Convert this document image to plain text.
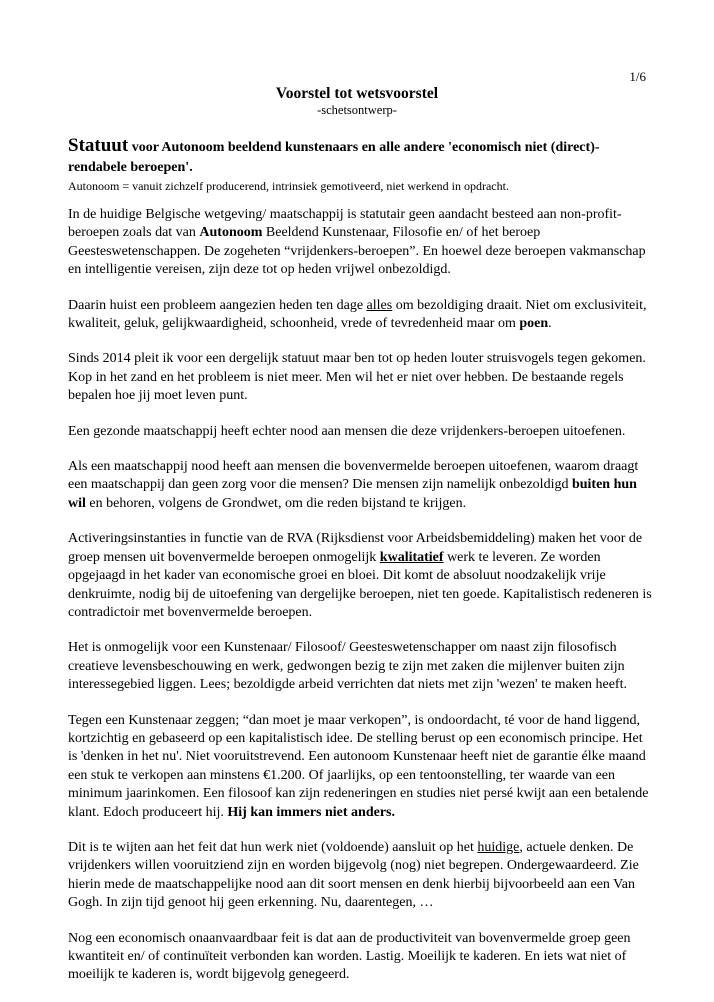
1/6
Voorstel tot wetsvoorstel
-schetsontwerp-

Statuut voor Autonoom beeldend kunstenaars en alle andere 'economisch niet (direct)-rendabele beroepen'.

Autonoom = vanuit zichzelf producerend, intrinsiek gemotiveerd, niet werkend in opdracht.

In de huidige Belgische wetgeving/ maatschappij is statutair geen aandacht besteed aan non-profit-beroepen zoals dat van Autonoom Beeldend Kunstenaar, Filosofie en/ of het beroep Geesteswetenschappen. De zogeheten “vrijdenkers-beroepen”. En hoewel deze beroepen vakmanschap en intelligentie vereisen, zijn deze tot op heden vrijwel onbezoldigd.

Daarin huist een probleem aangezien heden ten dage alles om bezoldiging draait. Niet om exclusiviteit, kwaliteit, geluk, gelijkwaardigheid, schoonheid, vrede of tevredenheid maar om poen.

Sinds 2014 pleit ik voor een dergelijk statuut maar ben tot op heden louter struisvogels tegen gekomen. Kop in het zand en het probleem is niet meer. Men wil het er niet over hebben. De bestaande regels bepalen hoe jij moet leven punt.

Een gezonde maatschappij heeft echter nood aan mensen die deze vrijdenkers-beroepen uitoefenen.

Als een maatschappij nood heeft aan mensen die bovenvermelde beroepen uitoefenen, waarom draagt een maatschappij dan geen zorg voor die mensen? Die mensen zijn namelijk onbezoldigd buiten hun wil en behoren, volgens de Grondwet, om die reden bijstand te krijgen.

Activeringsinstanties in functie van de RVA (Rijksdienst voor Arbeidsbemiddeling) maken het voor de groep mensen uit bovenvermelde beroepen onmogelijk kwalitatief werk te leveren. Ze worden opgejaagd in het kader van economische groei en bloei. Dit komt de absoluut noodzakelijk vrije denkruimte, nodig bij de uitoefening van dergelijke beroepen, niet ten goede. Kapitalistisch redeneren is contradictoir met bovenvermelde beroepen.

Het is onmogelijk voor een Kunstenaar/ Filosoof/ Geesteswetenschapper om naast zijn filosofisch creatieve levensbeschouwing en werk, gedwongen bezig te zijn met zaken die mijlenver buiten zijn interessegebied liggen. Lees; bezoldigde arbeid verrichten dat niets met zijn 'wezen' te maken heeft.

Tegen een Kunstenaar zeggen; “dan moet je maar verkopen”, is ondoordacht, té voor de hand liggend, kortzichtig en gebaseerd op een kapitalistisch idee. De stelling berust op een economisch principe. Het is 'denken in het nu'. Niet vooruitstrevend. Een autonoom Kunstenaar heeft niet de garantie élke maand een stuk te verkopen aan minstens €1.200. Of jaarlijks, op een tentoonstelling, ter waarde van een minimum jaarinkomen. Een filosoof kan zijn redeneringen en studies niet persé kwijt aan een betalende klant. Edoch produceert hij. Hij kan immers niet anders.

Dit is te wijten aan het feit dat hun werk niet (voldoende) aansluit op het huidige, actuele denken. De vrijdenkers willen vooruitziend zijn en worden bijgevolg (nog) niet begrepen. Ondergewaardeerd. Zie hierin mede de maatschappelijke nood aan dit soort mensen en denk hierbij bijvoorbeeld aan een Van Gogh. In zijn tijd genoot hij geen erkenning. Nu, daarentegen, …

Nog een economisch onaanvaardbaar feit is dat aan de productiviteit van bovenvermelde groep geen kwantiteit en/ of continuïteit verbonden kan worden. Lastig. Moeilijk te kaderen. En iets wat niet of moeilijk te kaderen is, wordt bijgevolg genegeerd.
